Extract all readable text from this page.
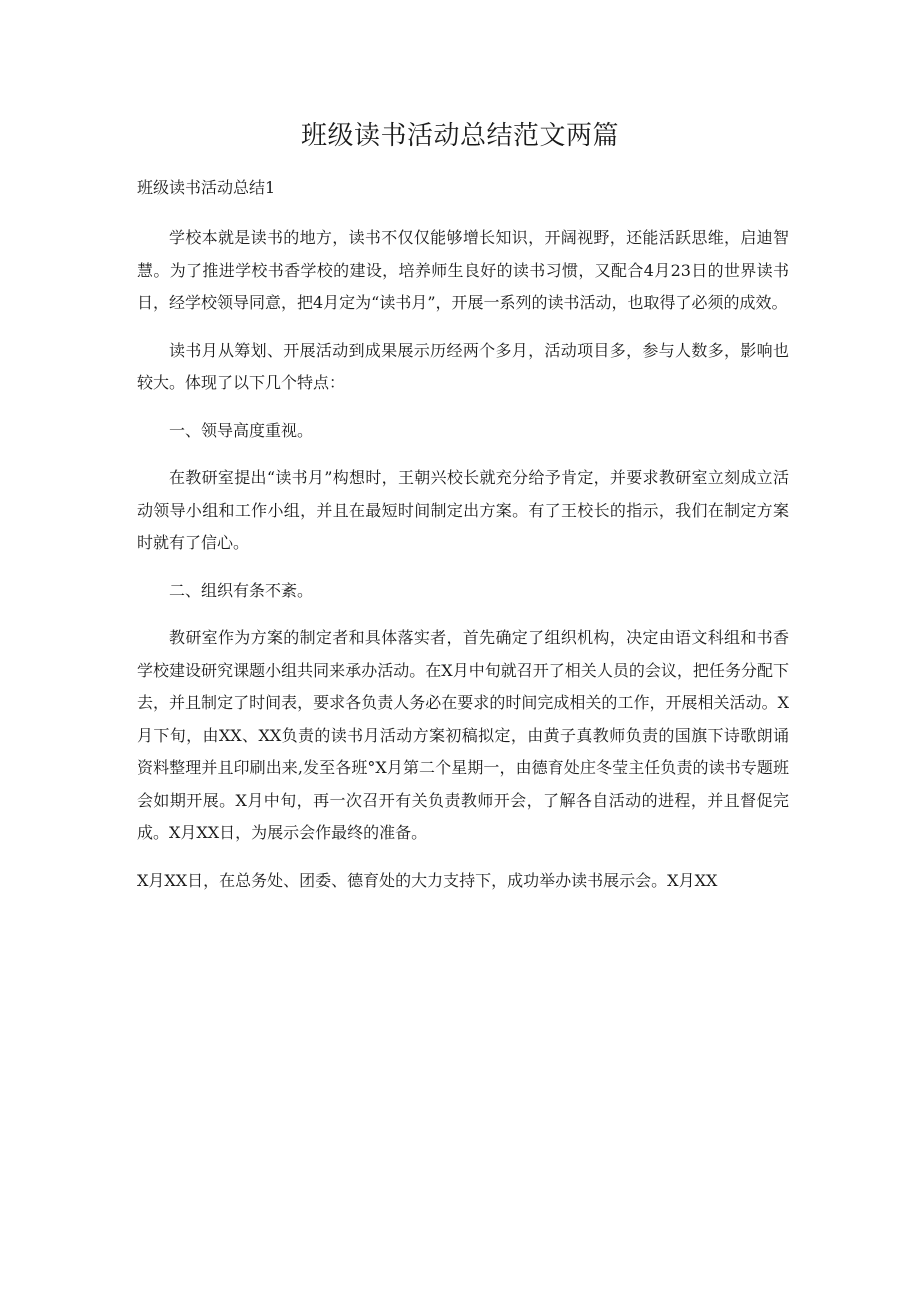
班级读书活动总结范文两篇

班级读书活动总结1

学校本就是读书的地方，读书不仅仅能够增长知识，开阔视野，还能活跃思维，启迪智慧。为了推进学校书香学校的建设，培养师生良好的读书习惯，又配合4月23日的世界读书日，经学校领导同意，把4月定为“读书月”，开展一系列的读书活动，也取得了必须的成效。

读书月从筹划、开展活动到成果展示历经两个多月，活动项目多，参与人数多，影响也较大。体现了以下几个特点：

一、领导高度重视。

在教研室提出“读书月”构想时，王朝兴校长就充分给予肯定，并要求教研室立刻成立活动领导小组和工作小组，并且在最短时间制定出方案。有了王校长的指示，我们在制定方案时就有了信心。

二、组织有条不紊。

教研室作为方案的制定者和具体落实者，首先确定了组织机构，决定由语文科组和书香学校建设研究课题小组共同来承办活动。在X月中旬就召开了相关人员的会议，把任务分配下去，并且制定了时间表，要求各负责人务必在要求的时间完成相关的工作，开展相关活动。X月下旬，由XX、XX负责的读书月活动方案初稿拟定，由黄子真教师负责的国旗下诗歌朗诵资料整理并且印刷出来,发至各班°X月第二个星期一，由德育处庄冬莹主任负责的读书专题班会如期开展。X月中旬，再一次召开有关负责教师开会，了解各自活动的进程，并且督促完成。X月XX日，为展示会作最终的准备。

X月XX日，在总务处、团委、德育处的大力支持下，成功举办读书展示会。X月XX
